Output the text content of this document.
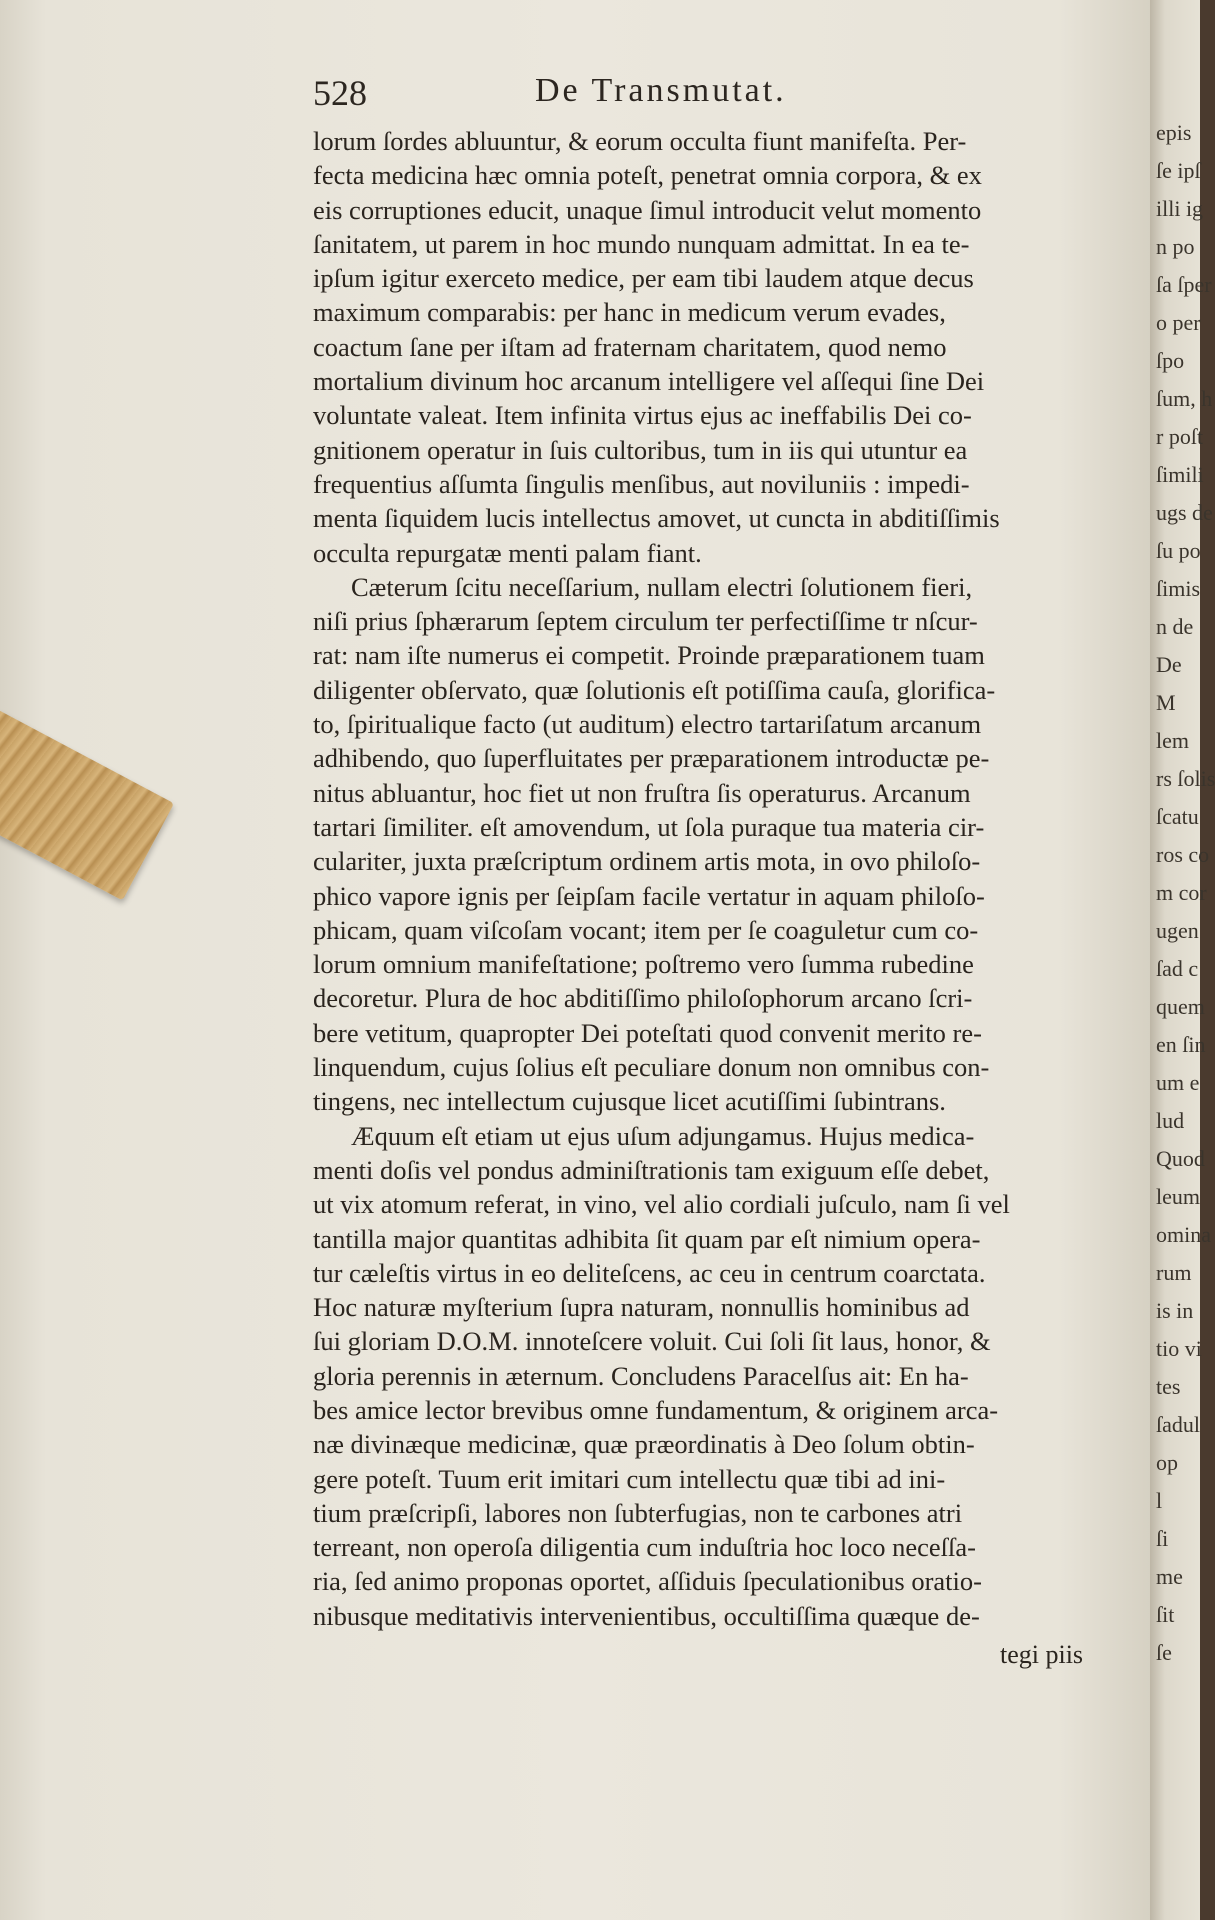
528	De Transmutat.
lorum ſordes abluuntur, & eorum occulta fiunt manifeſta. Per-
fecta medicina hæc omnia poteſt, penetrat omnia corpora, & ex
eis corruptiones educit, unaque ſimul introducit velut momento
ſanitatem, ut parem in hoc mundo nunquam admittat. In ea te-
ipſum igitur exerceto medice, per eam tibi laudem atque decus
maximum comparabis: per hanc in medicum verum evades,
coactum ſane per iſtam ad fraternam charitatem, quod nemo
mortalium divinum hoc arcanum intelligere vel aſſequi ſine Dei
voluntate valeat. Item infinita virtus ejus ac ineffabilis Dei co-
gnitionem operatur in ſuis cultoribus, tum in iis qui utuntur ea
frequentius aſſumta ſingulis menſibus, aut noviluniis : impedi-
menta ſiquidem lucis intellectus amovet, ut cuncta in abditiſſimis
occulta repurgatæ menti palam fiant.
Cæterum ſcitu neceſſarium, nullam electri ſolutionem fieri,
niſi prius ſphærarum ſeptem circulum ter perfectiſſime tr nſcur-
rat: nam iſte numerus ei competit. Proinde præparationem tuam
diligenter obſervato, quæ ſolutionis eſt potiſſima cauſa, glorifica-
to, ſpiritualique facto (ut auditum) electro tartariſatum arcanum
adhibendo, quo ſuperfluitates per præparationem introductæ pe-
nitus abluantur, hoc fiet ut non fruſtra ſis operaturus. Arcanum
tartari ſimiliter. eſt amovendum, ut ſola puraque tua materia cir-
culariter, juxta præſcriptum ordinem artis mota, in ovo philoſo-
phico vapore ignis per ſeipſam facile vertatur in aquam philoſo-
phicam, quam viſcoſam vocant; item per ſe coaguletur cum co-
lorum omnium manifeſtatione; poſtremo vero ſumma rubedine
decoretur. Plura de hoc abditiſſimo philoſophorum arcano ſcri-
bere vetitum, quapropter Dei poteſtati quod convenit merito re-
linquendum, cujus ſolius eſt peculiare donum non omnibus con-
tingens, nec intellectum cujusque licet acutiſſimi ſubintrans.
Æquum eſt etiam ut ejus uſum adjungamus. Hujus medica-
menti doſis vel pondus adminiſtrationis tam exiguum eſſe debet,
ut vix atomum referat, in vino, vel alio cordiali juſculo, nam ſi vel
tantilla major quantitas adhibita ſit quam par eſt nimium opera-
tur cæleſtis virtus in eo deliteſcens, ac ceu in centrum coarctata.
Hoc naturæ myſterium ſupra naturam, nonnullis hominibus ad
ſui gloriam D.O.M. innoteſcere voluit. Cui ſoli ſit laus, honor, &
gloria perennis in æternum. Concludens Paracelſus ait: En ha-
bes amice lector brevibus omne fundamentum, & originem arca-
næ divinæque medicinæ, quæ præordinatis à Deo ſolum obtin-
gere poteſt. Tuum erit imitari cum intellectu quæ tibi ad ini-
tium præſcripſi, labores non ſubterfugias, non te carbones atri
terreant, non operoſa diligentia cum induſtria hoc loco neceſſa-
ria, ſed animo proponas oportet, aſſiduis ſpeculationibus oratio-
nibusque meditativis intervenientibus, occultiſſima quæque de-
tegi piis
epis
ſe ipſ
illi ig
n po
ſa ſper
o per
ſpo
ſum, h
r poſt
ſimili
ugs de
ſu po
ſimis
n de
De
M
lem
rs ſolis
ſcatu
ros co
m cor
ugen
ſad c
quem
en ſin
um e
lud
Quod
leum
omina
rum
is in
tio vi
tes
ſadul
op
l
ſi
me
ſit
ſe
